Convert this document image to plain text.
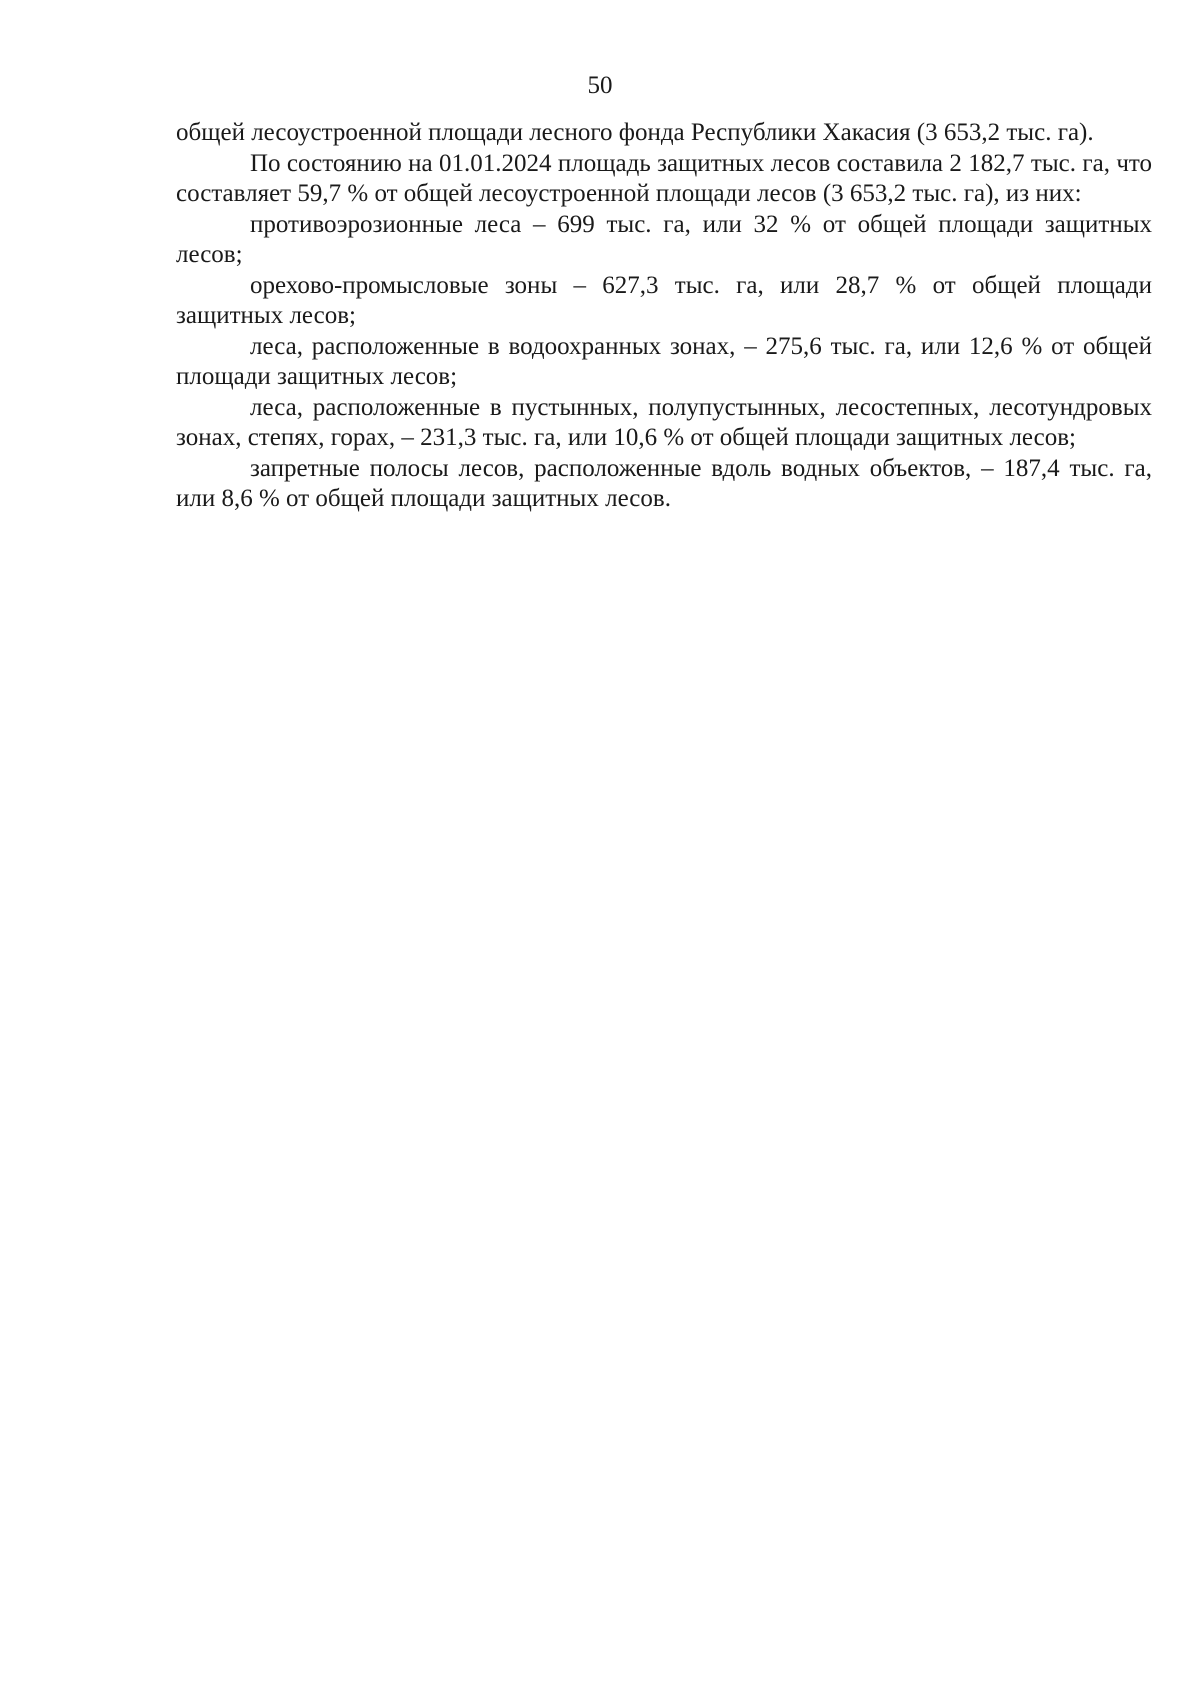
50

общей лесоустроенной площади лесного фонда Республики Хакасия (3 653,2 тыс. га).

По состоянию на 01.01.2024 площадь защитных лесов составила 2 182,7 тыс. га, что составляет 59,7 % от общей лесоустроенной площади лесов (3 653,2 тыс. га), из них:

противоэрозионные леса – 699 тыс. га, или 32 % от общей площади защитных лесов;

орехово-промысловые зоны – 627,3 тыс. га, или 28,7 % от общей площади защитных лесов;

леса, расположенные в водоохранных зонах, – 275,6 тыс. га, или 12,6 % от общей площади защитных лесов;

леса, расположенные в пустынных, полупустынных, лесостепных, лесотундровых зонах, степях, горах, – 231,3 тыс. га, или 10,6 % от общей площади защитных лесов;

запретные полосы лесов, расположенные вдоль водных объектов, – 187,4 тыс. га, или 8,6 % от общей площади защитных лесов.
